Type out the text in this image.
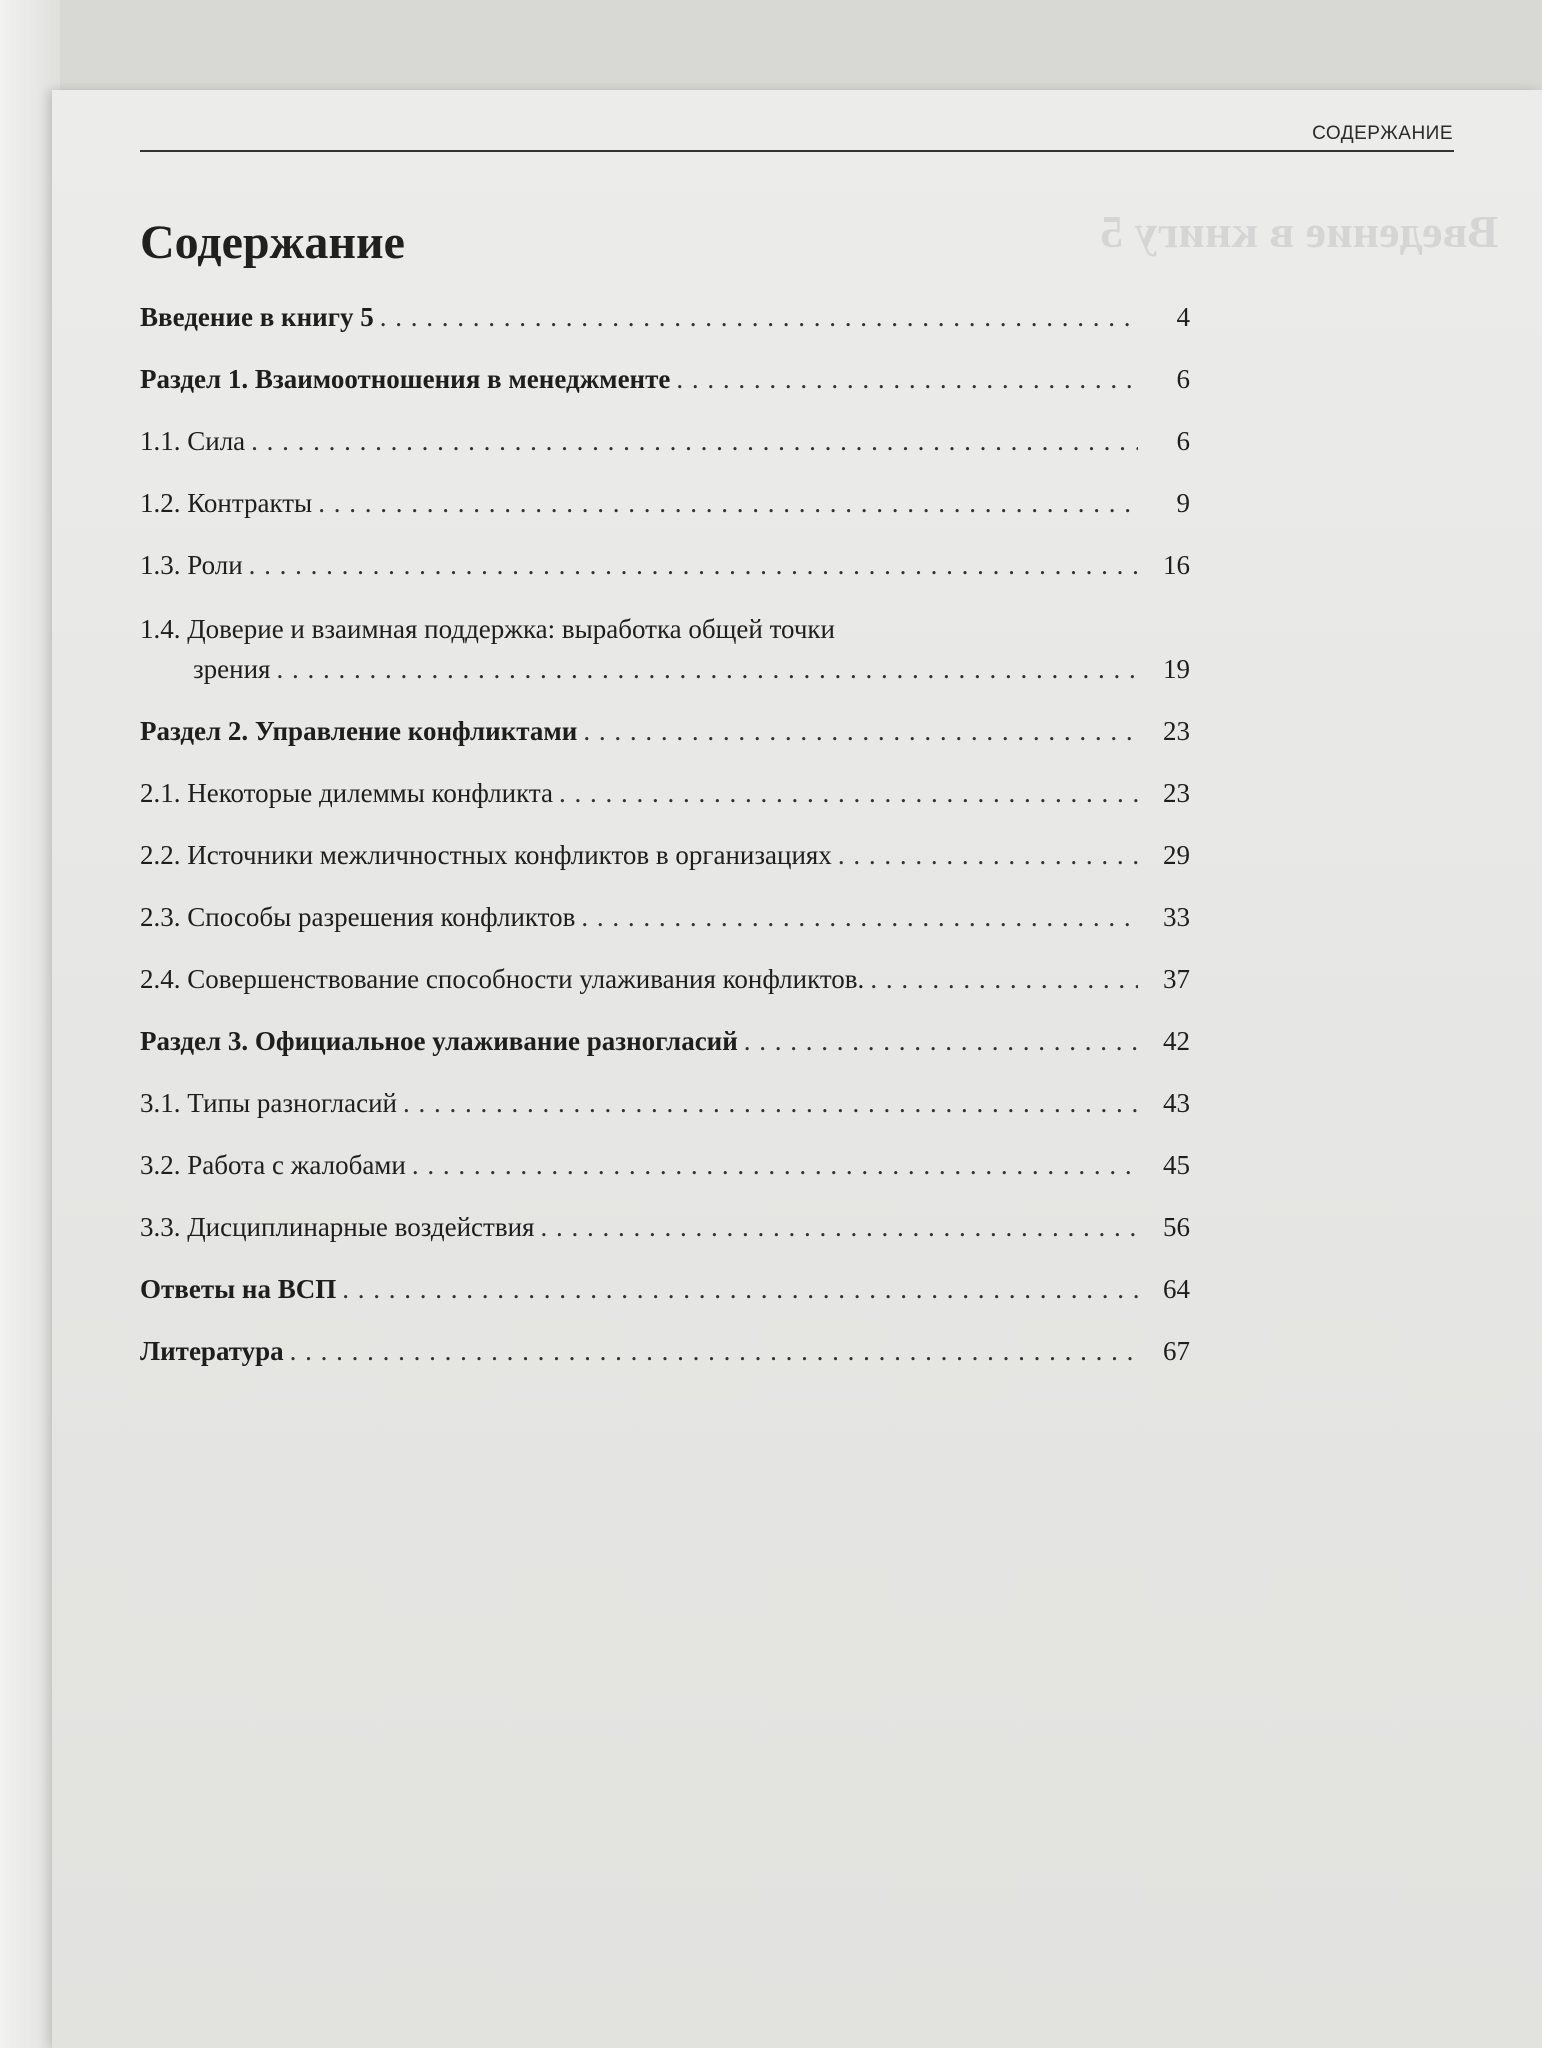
Введение в книгу 5
СОДЕРЖАНИЕ
Содержание
Введение в книгу 5 . . .	4
Раздел 1. Взаимоотношения в менеджменте . . .	6
1.1. Сила . . .	6
1.2. Контракты . . .	9
1.3. Роли . . .	16
1.4. Доверие и взаимная поддержка: выработка общей точки
зрения . . .	19
Раздел 2. Управление конфликтами . . .	23
2.1. Некоторые дилеммы конфликта . . .	23
2.2. Источники межличностных конфликтов в организациях . . .	29
2.3. Способы разрешения конфликтов . . .	33
2.4. Совершенствование способности улаживания конфликтов. . . .	37
Раздел 3. Официальное улаживание разногласий . . .	42
3.1. Типы разногласий . . .	43
3.2. Работа с жалобами . . .	45
3.3. Дисциплинарные воздействия . . .	56
Ответы на ВСП . . .	64
Литература . . .	67
